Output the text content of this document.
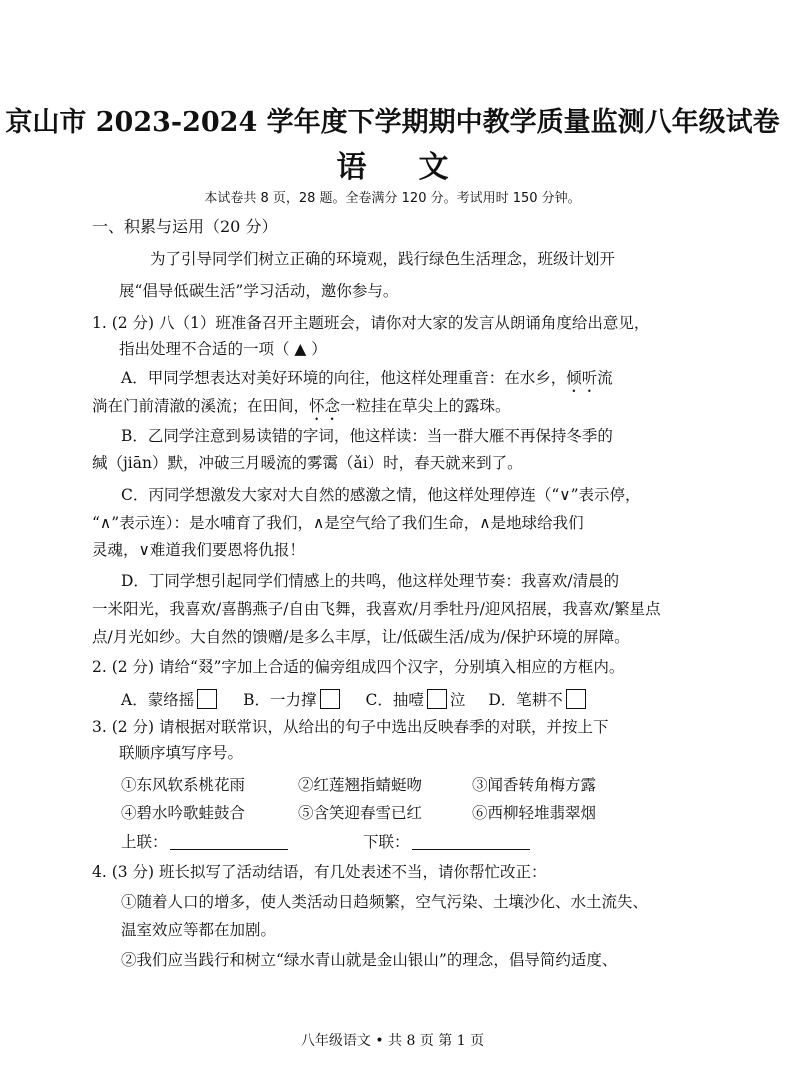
京山市 2023-2024 学年度下学期期中教学质量监测八年级试卷
语文
本试卷共 8 页，28 题。全卷满分 120 分。考试用时 150 分钟。
一、积累与运用（20 分）
为了引导同学们树立正确的环境观，践行绿色生活理念，班级计划开
展“倡导低碳生活”学习活动，邀你参与。
1. (2 分) 八（1）班准备召开主题班会，请你对大家的发言从朗诵角度给出意见，
指出处理不合适的一项（ ▲ ）
A．甲同学想表达对美好环境的向往，他这样处理重音：在水乡，倾听流
淌在门前清澈的溪流；在田间，怀念一粒挂在草尖上的露珠。
B．乙同学注意到易读错的字词，他这样读：当一群大雁不再保持冬季的
缄（jiān）默，冲破三月暖流的雾霭（ǎi）时，春天就来到了。
C．丙同学想激发大家对大自然的感激之情，他这样处理停连（“∨”表示停，
“∧”表示连）：是水哺育了我们，∧是空气给了我们生命，∧是地球给我们
灵魂，∨难道我们要恩将仇报！
D．丁同学想引起同学们情感上的共鸣，他这样处理节奏：我喜欢/清晨的
一米阳光，我喜欢/喜鹊燕子/自由飞舞，我喜欢/月季牡丹/迎风招展，我喜欢/繁星点
点/月光如纱。大自然的馈赠/是多么丰厚，让/低碳生活/成为/保护环境的屏障。
2. (2 分) 请给“叕”字加上合适的偏旁组成四个汉字，分别填入相应的方框内。
A．蒙络摇	B．一力撑	C．抽噎 泣 D．笔耕不
3. (2 分) 请根据对联常识，从给出的句子中选出反映春季的对联，并按上下
联顺序填写序号。
①东风软系桃花雨	②红莲翘指蜻蜓吻	③闻香转角梅方露
④碧水吟歌蛙鼓合	⑤含笑迎春雪已红	⑥西柳轻堆翡翠烟
上联：	下联：
4. (3 分) 班长拟写了活动结语，有几处表述不当，请你帮忙改正：
①随着人口的增多，使人类活动日趋频繁，空气污染、土壤沙化、水土流失、
温室效应等都在加剧。
②我们应当践行和树立“绿水青山就是金山银山”的理念，倡导简约适度、
八年级语文 • 共 8 页 第 1 页
